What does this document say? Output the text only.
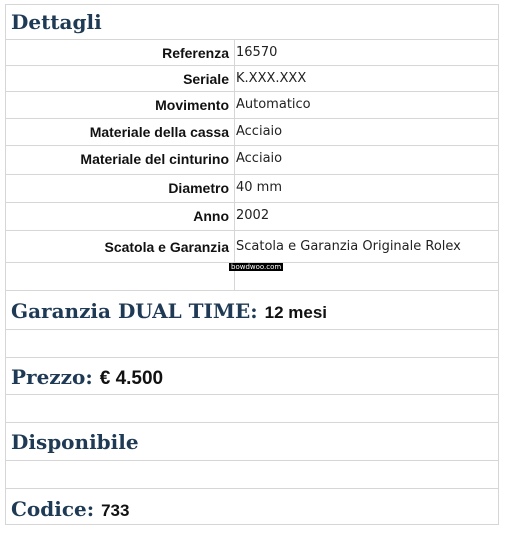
Dettagli
Referenza 16570
Seriale K.XXX.XXX
Movimento Automatico
Materiale della cassa Acciaio
Materiale del cinturino Acciaio
Diametro 40 mm
Anno 2002
Scatola e Garanzia Scatola e Garanzia Originale Rolex
bowdwoo.com
Garanzia DUAL TIME: 12 mesi
Prezzo: € 4.500
Disponibile
Codice: 733
